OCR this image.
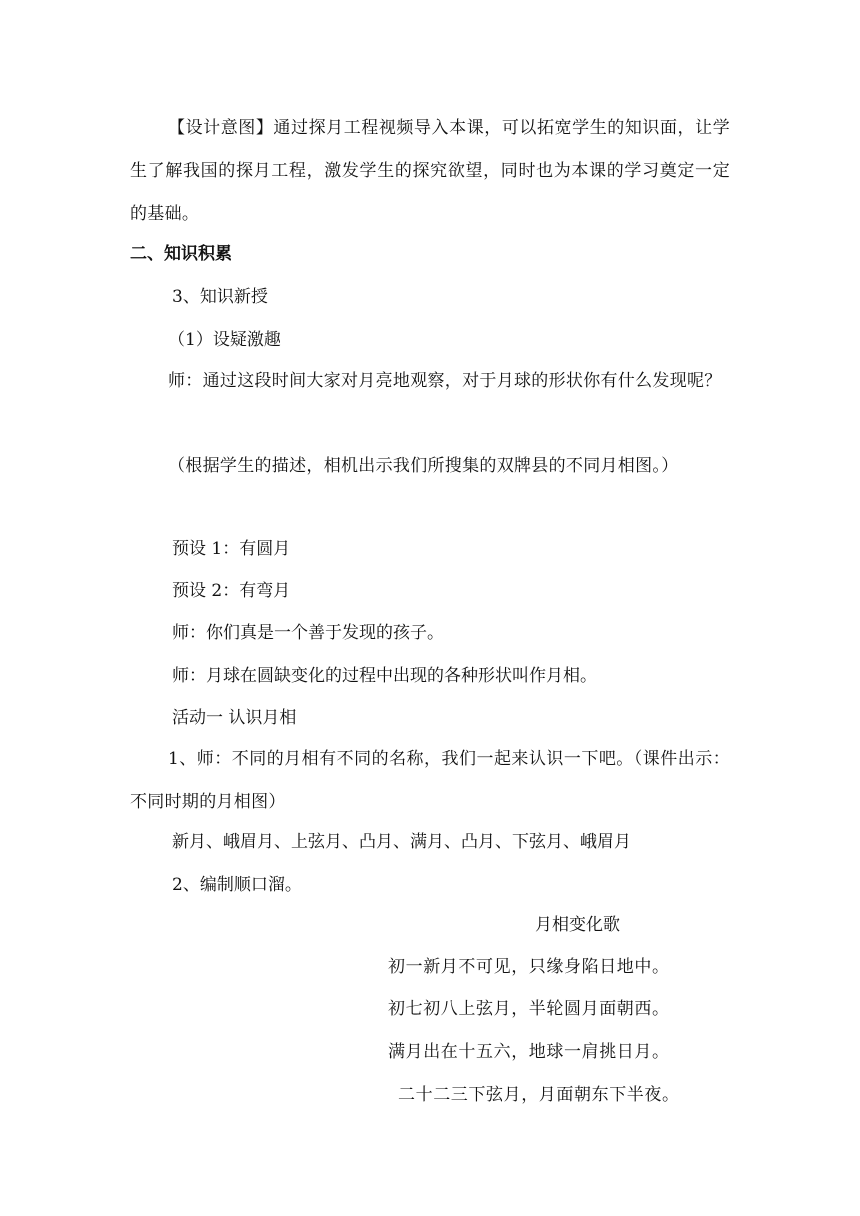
【设计意图】通过探月工程视频导入本课，可以拓宽学生的知识面，让学生了解我国的探月工程，激发学生的探究欲望，同时也为本课的学习奠定一定的基础。

二、知识积累

3、知识新授

（1）设疑激趣

师：通过这段时间大家对月亮地观察，对于月球的形状你有什么发现呢？

（根据学生的描述，相机出示我们所搜集的双牌县的不同月相图。）

预设 1：有圆月

预设 2：有弯月

师：你们真是一个善于发现的孩子。

师：月球在圆缺变化的过程中出现的各种形状叫作月相。

活动一 认识月相

1、师：不同的月相有不同的名称，我们一起来认识一下吧。（课件出示：不同时期的月相图）

新月、峨眉月、上弦月、凸月、满月、凸月、下弦月、峨眉月

2、编制顺口溜。

月相变化歌

初一新月不可见，只缘身陷日地中。

初七初八上弦月，半轮圆月面朝西。

满月出在十五六，地球一肩挑日月。

二十二三下弦月，月面朝东下半夜。
